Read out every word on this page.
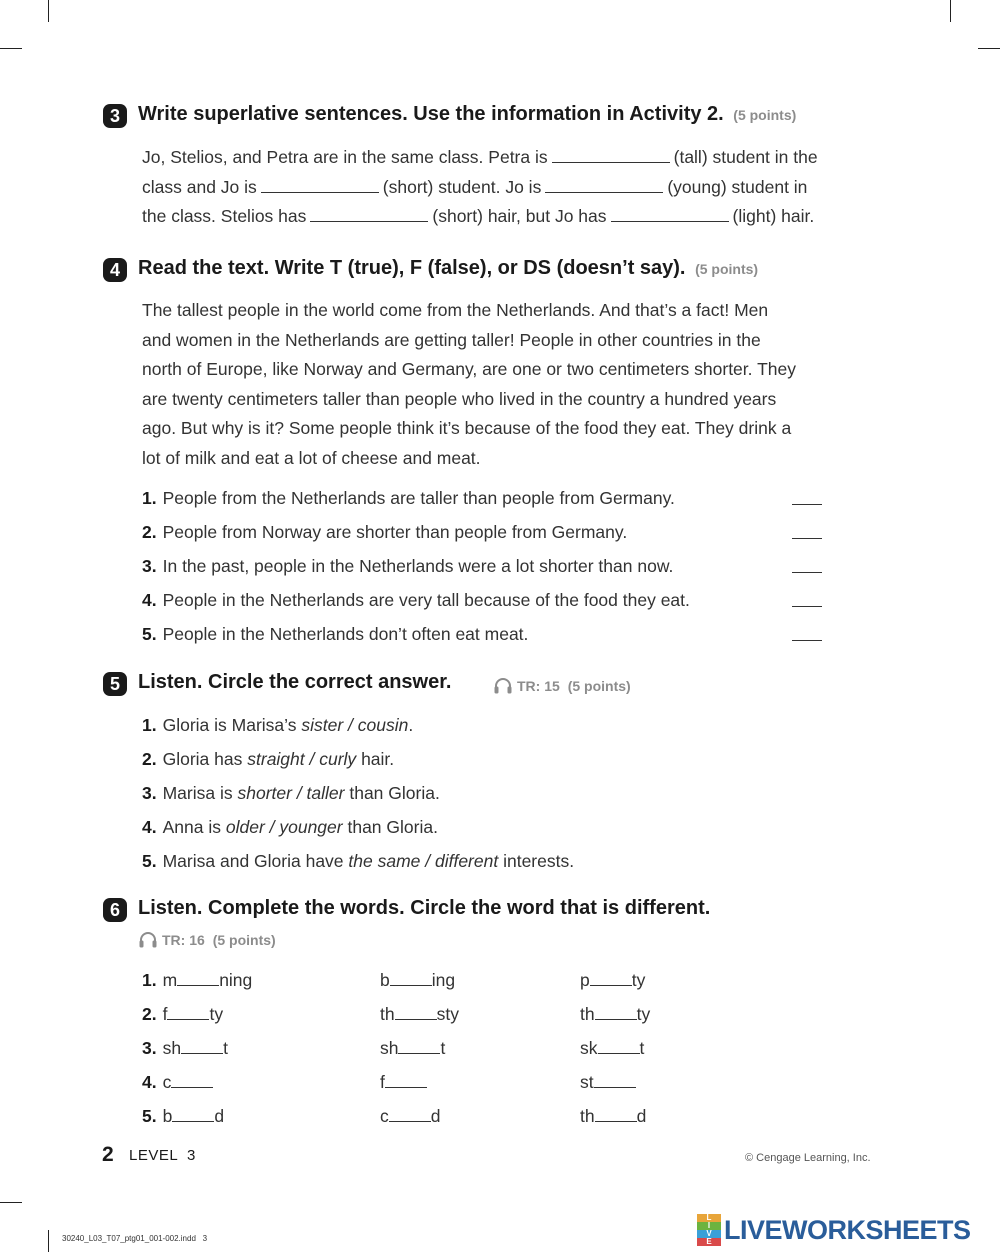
3 Write superlative sentences. Use the information in Activity 2. (5 points)
Jo, Stelios, and Petra are in the same class. Petra is	(tall) student in the
class and Jo is	(short) student. Jo is	(young) student in
the class. Stelios has	(short) hair, but Jo has	(light) hair.
4 Read the text. Write T (true), F (false), or DS (doesn’t say). (5 points)
The tallest people in the world come from the Netherlands. And that’s a fact! Men
and women in the Netherlands are getting taller! People in other countries in the
north of Europe, like Norway and Germany, are one or two centimeters shorter. They
are twenty centimeters taller than people who lived in the country a hundred years
ago. But why is it? Some people think it’s because of the food they eat. They drink a
lot of milk and eat a lot of cheese and meat.
1. People from the Netherlands are taller than people from Germany.
2. People from Norway are shorter than people from Germany.
3. In the past, people in the Netherlands were a lot shorter than now.
4. People in the Netherlands are very tall because of the food they eat.
5. People in the Netherlands don’t often eat meat.
5 Listen. Circle the correct answer.	TR: 15 (5 points)
1. Gloria is Marisa’s sister / cousin.
2. Gloria has straight / curly hair.
3. Marisa is shorter / taller than Gloria.
4. Anna is older / younger than Gloria.
5. Marisa and Gloria have the same / different interests.
6 Listen. Complete the words. Circle the word that is different.
TR: 16 (5 points)
1. m ning	b ing	p ty
2. f ty	th sty	th ty
3. sh t	sh t	sk t
4. c	f	st
5. b d	c d	th d
2 LEVEL  3	© Cengage Learning, Inc.
30240_L03_T07_ptg01_001-002.indd   3
L
I
V
E LIVEWORKSHEETS
